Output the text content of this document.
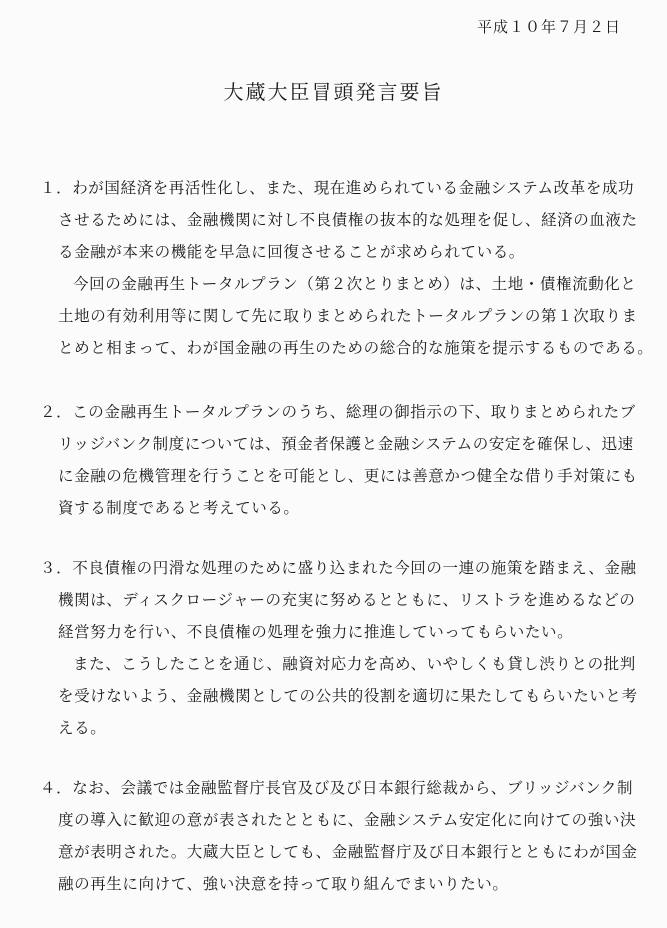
平成１０年７月２日
大蔵大臣冒頭発言要旨
１．わが国経済を再活性化し、また、現在進められている金融システム改革を成功
させるためには、金融機関に対し不良債権の抜本的な処理を促し、経済の血液た
る金融が本来の機能を早急に回復させることが求められている。
今回の金融再生トータルプラン（第２次とりまとめ）は、土地・債権流動化と
土地の有効利用等に関して先に取りまとめられたトータルプランの第１次取りま
とめと相まって、わが国金融の再生のための総合的な施策を提示するものである。
２．この金融再生トータルプランのうち、総理の御指示の下、取りまとめられたブ
リッジバンク制度については、預金者保護と金融システムの安定を確保し、迅速
に金融の危機管理を行うことを可能とし、更には善意かつ健全な借り手対策にも
資する制度であると考えている。
３．不良債権の円滑な処理のために盛り込まれた今回の一連の施策を踏まえ、金融
機関は、ディスクロージャーの充実に努めるとともに、リストラを進めるなどの
経営努力を行い、不良債権の処理を強力に推進していってもらいたい。
また、こうしたことを通じ、融資対応力を高め、いやしくも貸し渋りとの批判
を受けないよう、金融機関としての公共的役割を適切に果たしてもらいたいと考
える。
４．なお、会議では金融監督庁長官及び及び日本銀行総裁から、ブリッジバンク制
度の導入に歓迎の意が表されたとともに、金融システム安定化に向けての強い決
意が表明された。大蔵大臣としても、金融監督庁及び日本銀行とともにわが国金
融の再生に向けて、強い決意を持って取り組んでまいりたい。
